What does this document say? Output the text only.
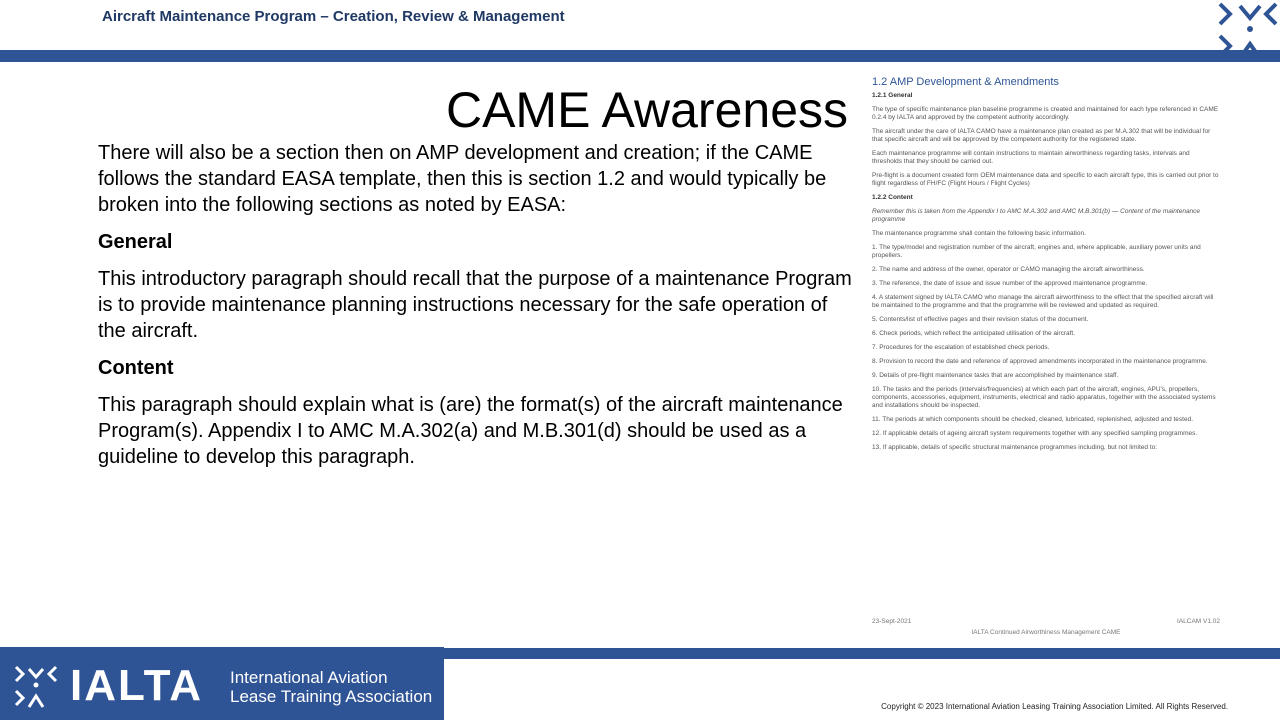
Aircraft Maintenance Program – Creation, Review & Management
CAME Awareness

There will also be a section then on AMP development and creation; if the CAME follows the standard EASA template, then this is section 1.2 and would typically be broken into the following sections as noted by EASA:

General

This introductory paragraph should recall that the purpose of a maintenance Program is to provide maintenance planning instructions necessary for the safe operation of the aircraft.

Content

This paragraph should explain what is (are) the format(s) of the aircraft maintenance Program(s). Appendix I to AMC M.A.302(a) and M.B.301(d) should be used as a guideline to develop this paragraph.

1.2 AMP Development & Amendments
1.2.1 General

The type of specific maintenance plan baseline programme is created and maintained for each type referenced in CAME 0.2.4 by IALTA and approved by the competent authority accordingly.

The aircraft under the care of IALTA CAMO have a maintenance plan created as per M.A.302 that will be individual for that specific aircraft and will be approved by the competent authority for the registered state.

Each maintenance programme will contain instructions to maintain airworthiness regarding tasks, intervals and thresholds that they should be carried out.

Pre-flight is a document created form OEM maintenance data and specific to each aircraft type, this is carried out prior to flight regardless of FH/FC (Flight Hours / Flight Cycles)

1.2.2 Content

Remember this is taken from the Appendix I to AMC M.A.302 and AMC M.B.301(b) — Content of the maintenance programme

The maintenance programme shall contain the following basic information.

1. The type/model and registration number of the aircraft, engines and, where applicable, auxiliary power units and propellers.

2. The name and address of the owner, operator or CAMO managing the aircraft airworthiness.

3. The reference, the date of issue and issue number of the approved maintenance programme.

4. A statement signed by IALTA CAMO who manage the aircraft airworthiness to the effect that the specified aircraft will be maintained to the programme and that the programme will be reviewed and updated as required.

5. Contents/list of effective pages and their revision status of the document.

6. Check periods, which reflect the anticipated utilisation of the aircraft.

7. Procedures for the escalation of established check periods.

8. Provision to record the date and reference of approved amendments incorporated in the maintenance programme.

9. Details of pre-flight maintenance tasks that are accomplished by maintenance staff.

10. The tasks and the periods (intervals/frequencies) at which each part of the aircraft, engines, APU's, propellers, components, accessories, equipment, instruments, electrical and radio apparatus, together with the associated systems and installations should be inspected.

11. The periods at which components should be checked, cleaned, lubricated, replenished, adjusted and tested.

12. If applicable details of ageing aircraft system requirements together with any specified sampling programmes.

13. If applicable, details of specific structural maintenance programmes including, but not limited to:

23-Sept-2021	IALCAM V1.02
IALTA Continued Airworthiness Management CAME
IALTA International Aviation
Lease Training Association
Copyright © 2023 International Aviation Leasing Training Association Limited. All Rights Reserved.
